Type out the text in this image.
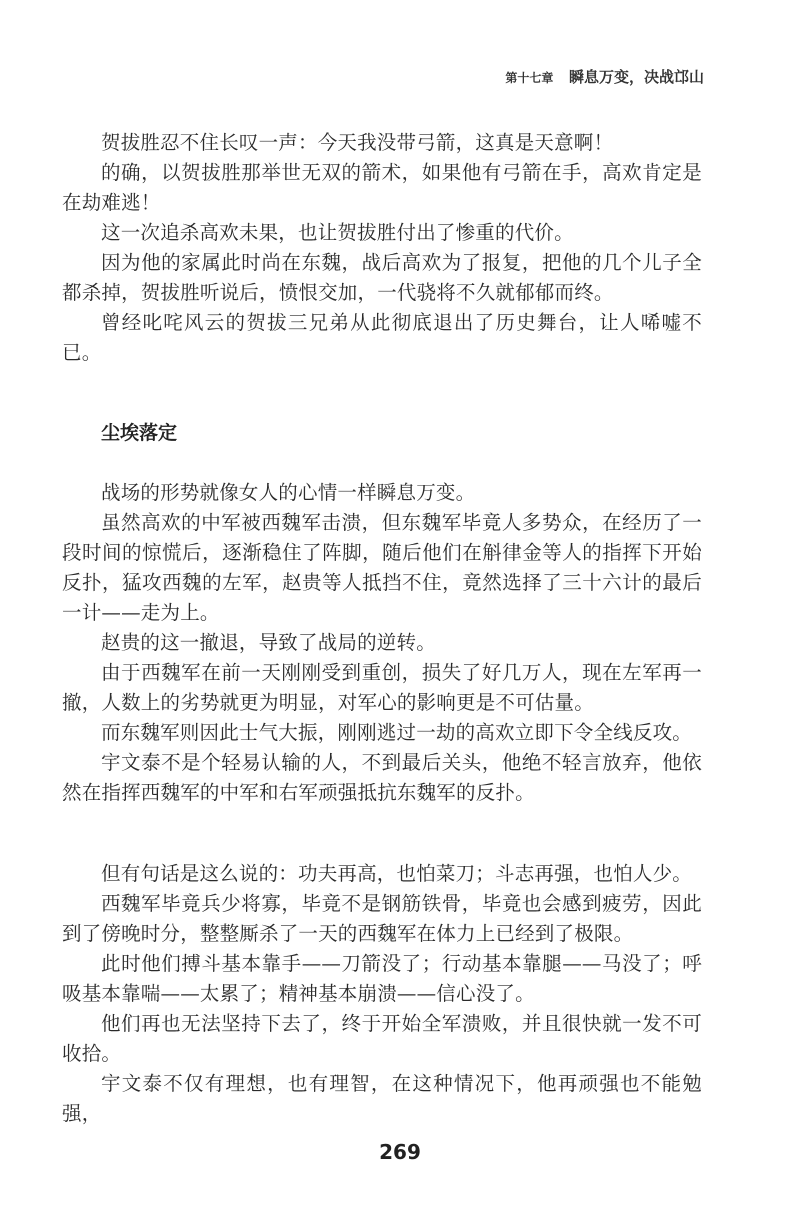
第十七章 瞬息万变，决战邙山

贺拔胜忍不住长叹一声：今天我没带弓箭，这真是天意啊！

的确，以贺拔胜那举世无双的箭术，如果他有弓箭在手，高欢肯定是在劫难逃！

这一次追杀高欢未果，也让贺拔胜付出了惨重的代价。

因为他的家属此时尚在东魏，战后高欢为了报复，把他的几个儿子全都杀掉，贺拔胜听说后，愤恨交加，一代骁将不久就郁郁而终。

曾经叱咤风云的贺拔三兄弟从此彻底退出了历史舞台，让人唏嘘不已。

尘埃落定

战场的形势就像女人的心情一样瞬息万变。

虽然高欢的中军被西魏军击溃，但东魏军毕竟人多势众，在经历了一段时间的惊慌后，逐渐稳住了阵脚，随后他们在斛律金等人的指挥下开始反扑，猛攻西魏的左军，赵贵等人抵挡不住，竟然选择了三十六计的最后一计——走为上。

赵贵的这一撤退，导致了战局的逆转。

由于西魏军在前一天刚刚受到重创，损失了好几万人，现在左军再一撤，人数上的劣势就更为明显，对军心的影响更是不可估量。

而东魏军则因此士气大振，刚刚逃过一劫的高欢立即下令全线反攻。

宇文泰不是个轻易认输的人，不到最后关头，他绝不轻言放弃，他依然在指挥西魏军的中军和右军顽强抵抗东魏军的反扑。

但有句话是这么说的：功夫再高，也怕菜刀；斗志再强，也怕人少。

西魏军毕竟兵少将寡，毕竟不是钢筋铁骨，毕竟也会感到疲劳，因此到了傍晚时分，整整厮杀了一天的西魏军在体力上已经到了极限。

此时他们搏斗基本靠手——刀箭没了；行动基本靠腿——马没了；呼吸基本靠喘——太累了；精神基本崩溃——信心没了。

他们再也无法坚持下去了，终于开始全军溃败，并且很快就一发不可收拾。

宇文泰不仅有理想，也有理智，在这种情况下，他再顽强也不能勉强，

269
